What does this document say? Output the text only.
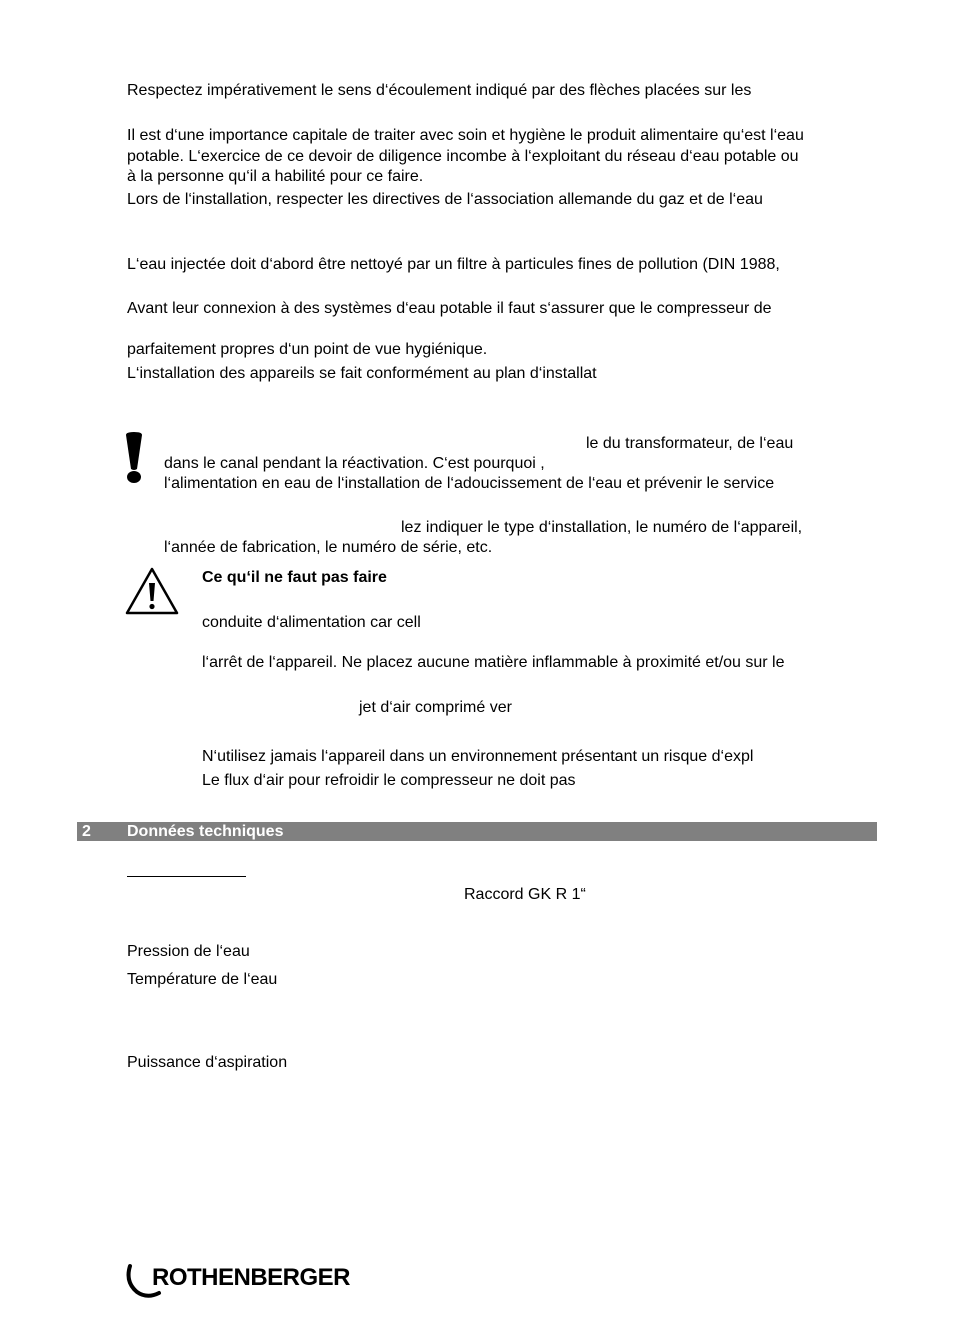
Respectez impérativement le sens d‘écoulement indiqué par des flèches placées sur les
Il est d‘une importance capitale de traiter avec soin et hygiène le produit alimentaire qu‘est l‘eau
potable. L‘exercice de ce devoir de diligence incombe à l‘exploitant du réseau d‘eau potable ou
à la personne qu‘il a habilité pour ce faire.
Lors de l‘installation, respecter les directives de l‘association allemande du gaz et de l‘eau
L‘eau injectée doit d‘abord être nettoyé par un filtre à particules fines de pollution (DIN 1988,
Avant leur connexion à des systèmes d‘eau potable il faut s‘assurer que le compresseur de
parfaitement propres d‘un point de vue hygiénique.
L‘installation des appareils se fait conformément au plan d‘installat
le du transformateur, de l‘eau
dans le canal pendant la réactivation. C‘est pourquoi ,
l‘alimentation en eau de l‘installation de l‘adoucissement de l‘eau et prévenir le service
lez indiquer le type d‘installation, le numéro de l‘appareil,
l‘année de fabrication, le numéro de série, etc.
Ce qu‘il ne faut pas faire
conduite d‘alimentation car cell
l‘arrêt de l‘appareil. Ne placez aucune matière inflammable à proximité et/ou sur le
jet d‘air comprimé ver
N‘utilisez jamais l‘appareil dans un environnement présentant un risque d‘expl
Le flux d‘air pour refroidir le compresseur ne doit pas
2 Données techniques
Raccord GK R 1“
Pression de l‘eau
Température de l‘eau
Puissance d‘aspiration
ROTHENBERGER
